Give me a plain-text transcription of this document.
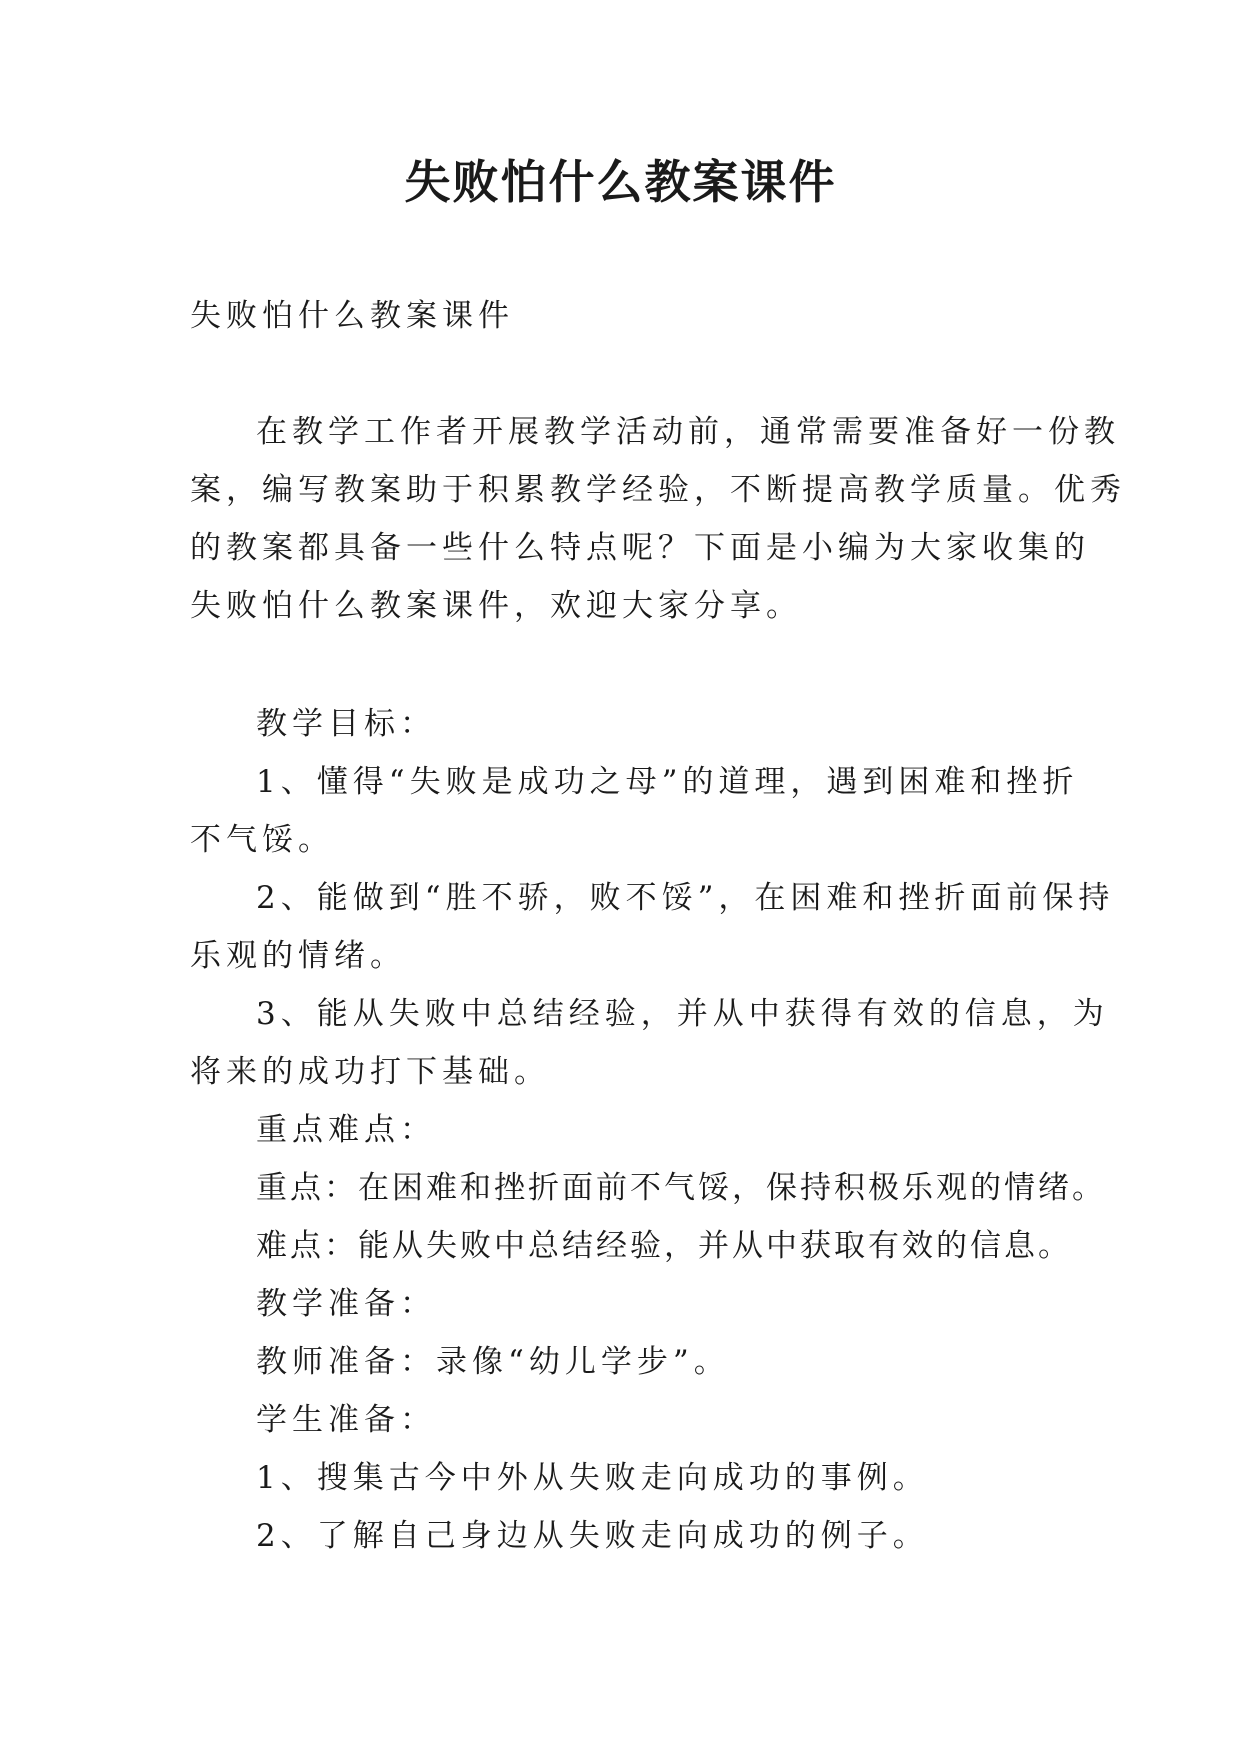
失败怕什么教案课件

失败怕什么教案课件

在教学工作者开展教学活动前，通常需要准备好一份教

案，编写教案助于积累教学经验，不断提高教学质量。优秀

的教案都具备一些什么特点呢？下面是小编为大家收集的

失败怕什么教案课件，欢迎大家分享。

教学目标：

1、懂得“失败是成功之母”的道理，遇到困难和挫折

不气馁。

2、能做到“胜不骄，败不馁”，在困难和挫折面前保持

乐观的情绪。

3、能从失败中总结经验，并从中获得有效的信息，为

将来的成功打下基础。

重点难点：

重点：在困难和挫折面前不气馁，保持积极乐观的情绪。

难点：能从失败中总结经验，并从中获取有效的信息。

教学准备：

教师准备：录像“幼儿学步”。

学生准备：

1、搜集古今中外从失败走向成功的事例。

2、了解自己身边从失败走向成功的例子。
